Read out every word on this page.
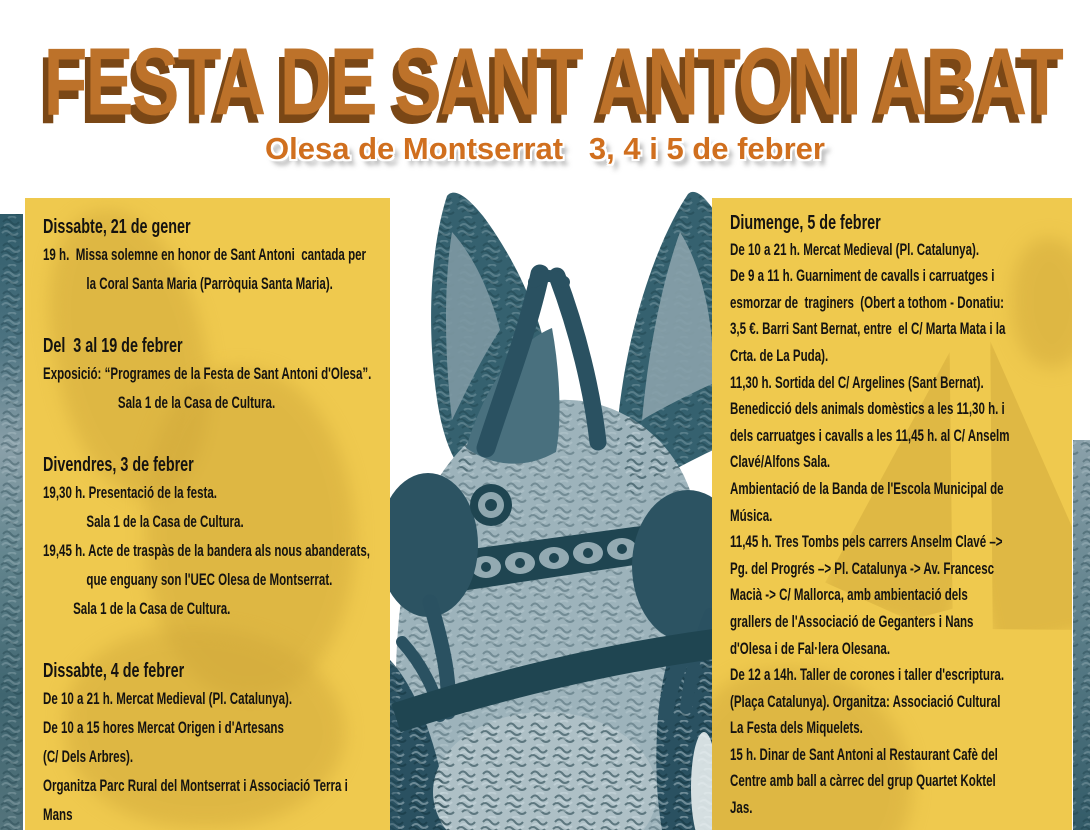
FESTA DE SANT ANTONI ABAT
Olesa de Montserrat   3, 4 i 5 de febrer
Dissabte, 21 de gener
19 h.  Missa solemne en honor de Sant Antoni  cantada per
la Coral Santa Maria (Parròquia Santa Maria).
Del  3 al 19 de febrer
Exposició: “Programes de la Festa de Sant Antoni d'Olesa”.
Sala 1 de la Casa de Cultura.
Divendres, 3 de febrer
19,30 h. Presentació de la festa.
Sala 1 de la Casa de Cultura.
19,45 h. Acte de traspàs de la bandera als nous abanderats,
que enguany son l'UEC Olesa de Montserrat.
Sala 1 de la Casa de Cultura.
Dissabte, 4 de febrer
De 10 a 21 h. Mercat Medieval (Pl. Catalunya).
De 10 a 15 hores Mercat Origen i d'Artesans
(C/ Dels Arbres).
Organitza Parc Rural del Montserrat i Associació Terra i
Mans
Diumenge, 5 de febrer
De 10 a 21 h. Mercat Medieval (Pl. Catalunya).
De 9 a 11 h. Guarniment de cavalls i carruatges i
esmorzar de  traginers  (Obert a tothom - Donatiu:
3,5 €. Barri Sant Bernat, entre  el C/ Marta Mata i la
Crta. de La Puda).
11,30 h. Sortida del C/ Argelines (Sant Bernat).
Benedicció dels animals domèstics a les 11,30 h. i
dels carruatges i cavalls a les 11,45 h. al C/ Anselm
Clavé/Alfons Sala.
Ambientació de la Banda de l'Escola Municipal de
Música.
11,45 h. Tres Tombs pels carrers Anselm Clavé –>
Pg. del Progrés –> Pl. Catalunya -> Av. Francesc
Macià -> C/ Mallorca, amb ambientació dels
grallers de l'Associació de Geganters i Nans
d'Olesa i de Fal·lera Olesana.
De 12 a 14h. Taller de corones i taller d'escriptura.
(Plaça Catalunya). Organitza: Associació Cultural
La Festa dels Miquelets.
15 h. Dinar de Sant Antoni al Restaurant Cafè del
Centre amb ball a càrrec del grup Quartet Koktel
Jas.
